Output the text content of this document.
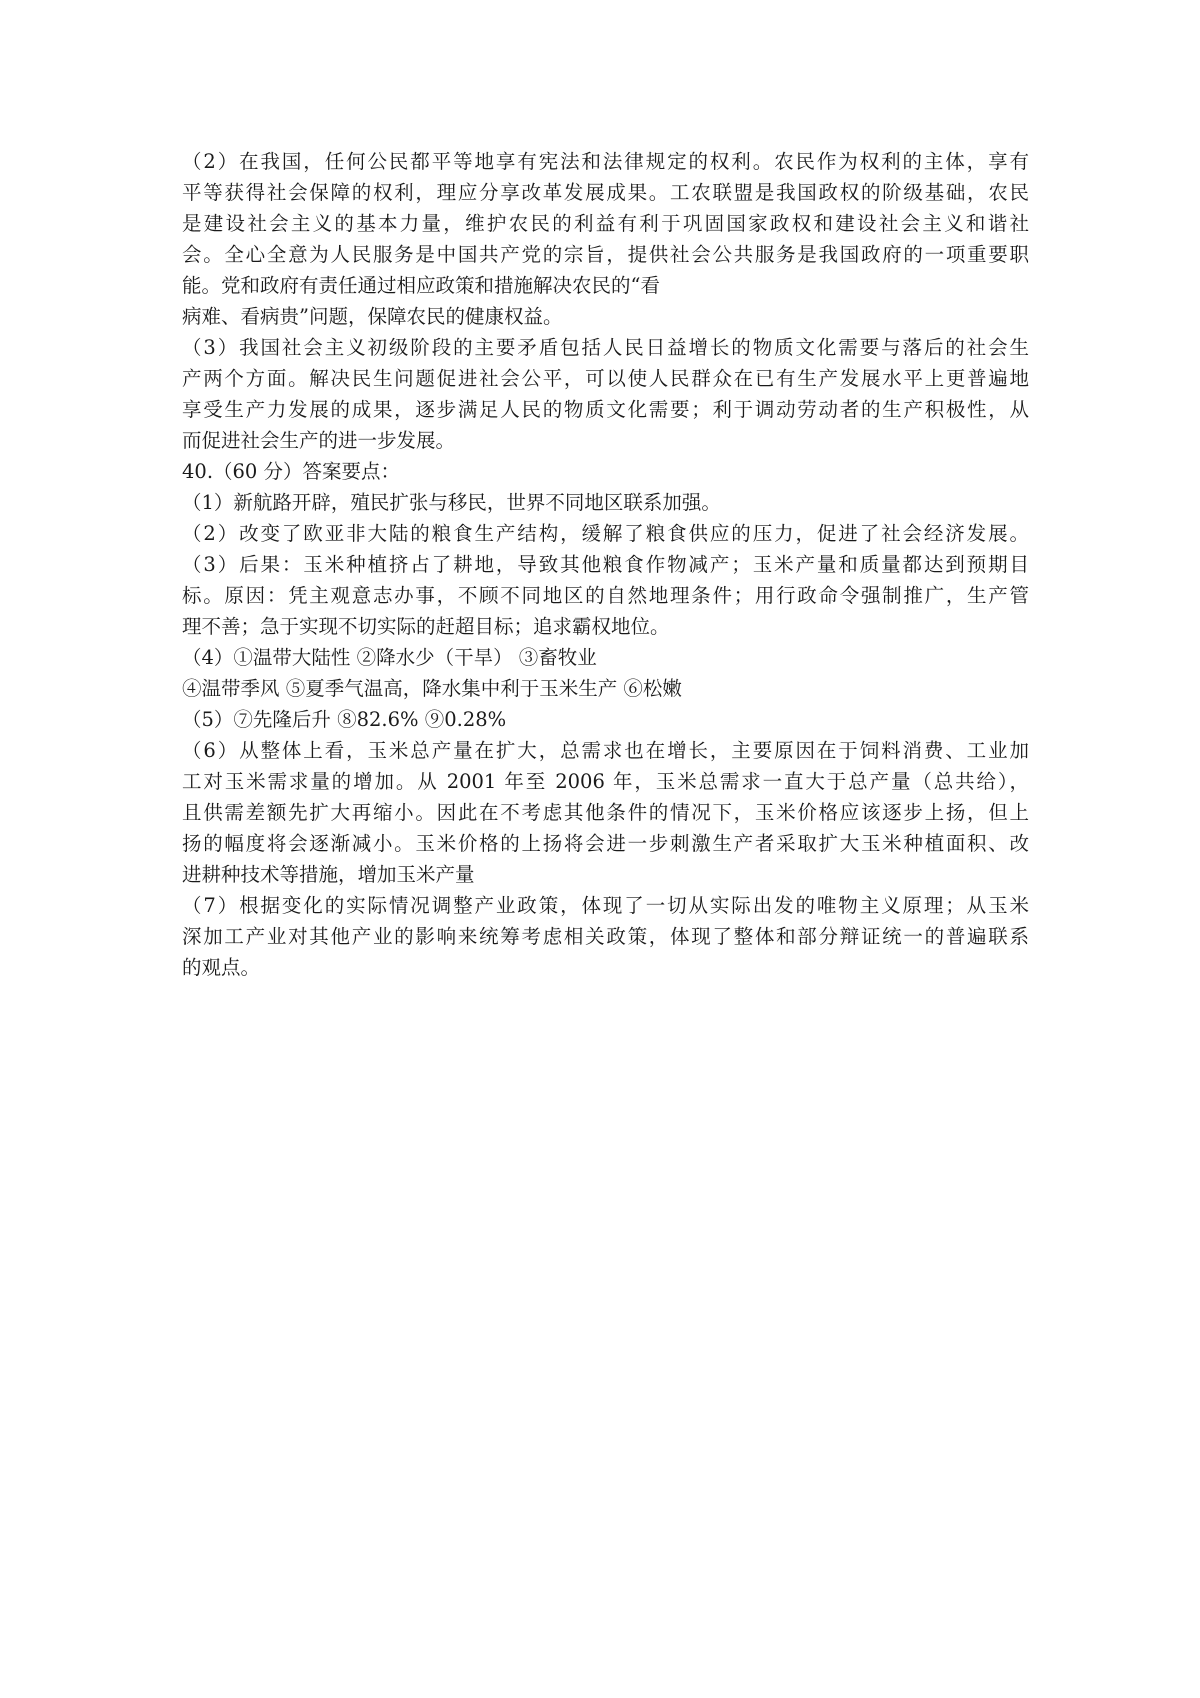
（2）在我国，任何公民都平等地享有宪法和法律规定的权利。农民作为权利的主体，享有
平等获得社会保障的权利，理应分享改革发展成果。工农联盟是我国政权的阶级基础，农民
是建设社会主义的基本力量，维护农民的利益有利于巩固国家政权和建设社会主义和谐社
会。全心全意为人民服务是中国共产党的宗旨，提供社会公共服务是我国政府的一项重要职
能。党和政府有责任通过相应政策和措施解决农民的“看
病难、看病贵”问题，保障农民的健康权益。
（3）我国社会主义初级阶段的主要矛盾包括人民日益增长的物质文化需要与落后的社会生
产两个方面。解决民生问题促进社会公平，可以使人民群众在已有生产发展水平上更普遍地
享受生产力发展的成果，逐步满足人民的物质文化需要；利于调动劳动者的生产积极性，从
而促进社会生产的进一步发展。
40.（60 分）答案要点：
（1）新航路开辟，殖民扩张与移民，世界不同地区联系加强。
（2）改变了欧亚非大陆的粮食生产结构，缓解了粮食供应的压力，促进了社会经济发展。
（3）后果：玉米种植挤占了耕地，导致其他粮食作物减产；玉米产量和质量都达到预期目
标。原因：凭主观意志办事，不顾不同地区的自然地理条件；用行政命令强制推广，生产管
理不善；急于实现不切实际的赶超目标；追求霸权地位。
（4）①温带大陆性 ②降水少（干旱） ③畜牧业
④温带季风 ⑤夏季气温高，降水集中利于玉米生产 ⑥松嫩
（5）⑦先隆后升 ⑧82.6% ⑨0.28%
（6）从整体上看，玉米总产量在扩大，总需求也在增长，主要原因在于饲料消费、工业加
工对玉米需求量的增加。从 2001 年至 2006 年，玉米总需求一直大于总产量（总共给），
且供需差额先扩大再缩小。因此在不考虑其他条件的情况下，玉米价格应该逐步上扬，但上
扬的幅度将会逐渐减小。玉米价格的上扬将会进一步刺激生产者采取扩大玉米种植面积、改
进耕种技术等措施，增加玉米产量
（7）根据变化的实际情况调整产业政策，体现了一切从实际出发的唯物主义原理；从玉米
深加工产业对其他产业的影响来统筹考虑相关政策，体现了整体和部分辩证统一的普遍联系
的观点。
